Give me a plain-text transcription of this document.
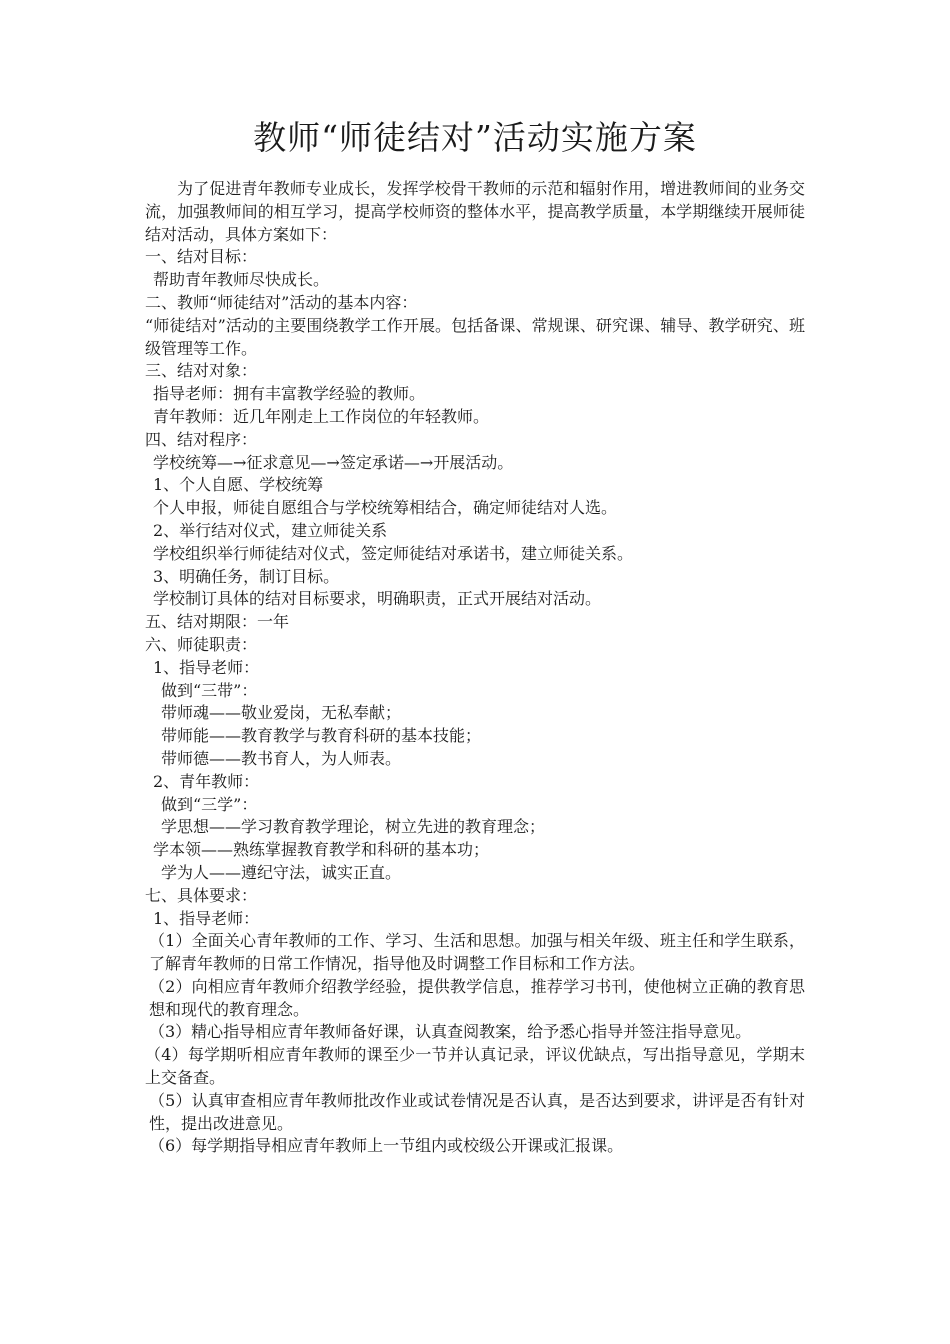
教师“师徒结对”活动实施方案

为了促进青年教师专业成长，发挥学校骨干教师的示范和辐射作用，增进教师间的业务交流，加强教师间的相互学习，提高学校师资的整体水平，提高教学质量，本学期继续开展师徒结对活动，具体方案如下：

一、结对目标：

帮助青年教师尽快成长。

二、教师“师徒结对”活动的基本内容：

“师徒结对”活动的主要围绕教学工作开展。包括备课、常规课、研究课、辅导、教学研究、班级管理等工作。

三、结对对象：

指导老师：拥有丰富教学经验的教师。

青年教师：近几年刚走上工作岗位的年轻教师。

四、结对程序：

学校统筹—→征求意见—→签定承诺—→开展活动。

1、个人自愿、学校统筹

个人申报，师徒自愿组合与学校统筹相结合，确定师徒结对人选。

2、举行结对仪式，建立师徒关系

学校组织举行师徒结对仪式，签定师徒结对承诺书，建立师徒关系。

3、明确任务，制订目标。

学校制订具体的结对目标要求，明确职责，正式开展结对活动。

五、结对期限：一年

六、师徒职责：

1、指导老师：

做到“三带”：

带师魂——敬业爱岗，无私奉献；

带师能——教育教学与教育科研的基本技能；

带师德——教书育人，为人师表。

2、青年教师：

做到“三学”：

学思想——学习教育教学理论，树立先进的教育理念；

学本领——熟练掌握教育教学和科研的基本功；

学为人——遵纪守法，诚实正直。

七、具体要求：

1、指导老师：

（1）全面关心青年教师的工作、学习、生活和思想。加强与相关年级、班主任和学生联系，了解青年教师的日常工作情况，指导他及时调整工作目标和工作方法。

（2）向相应青年教师介绍教学经验，提供教学信息，推荐学习书刊，使他树立正确的教育思想和现代的教育理念。

（3）精心指导相应青年教师备好课，认真查阅教案，给予悉心指导并签注指导意见。

（4）每学期听相应青年教师的课至少一节并认真记录，评议优缺点，写出指导意见，学期末上交备查。

（5）认真审查相应青年教师批改作业或试卷情况是否认真，是否达到要求，讲评是否有针对性，提出改进意见。

（6）每学期指导相应青年教师上一节组内或校级公开课或汇报课。
